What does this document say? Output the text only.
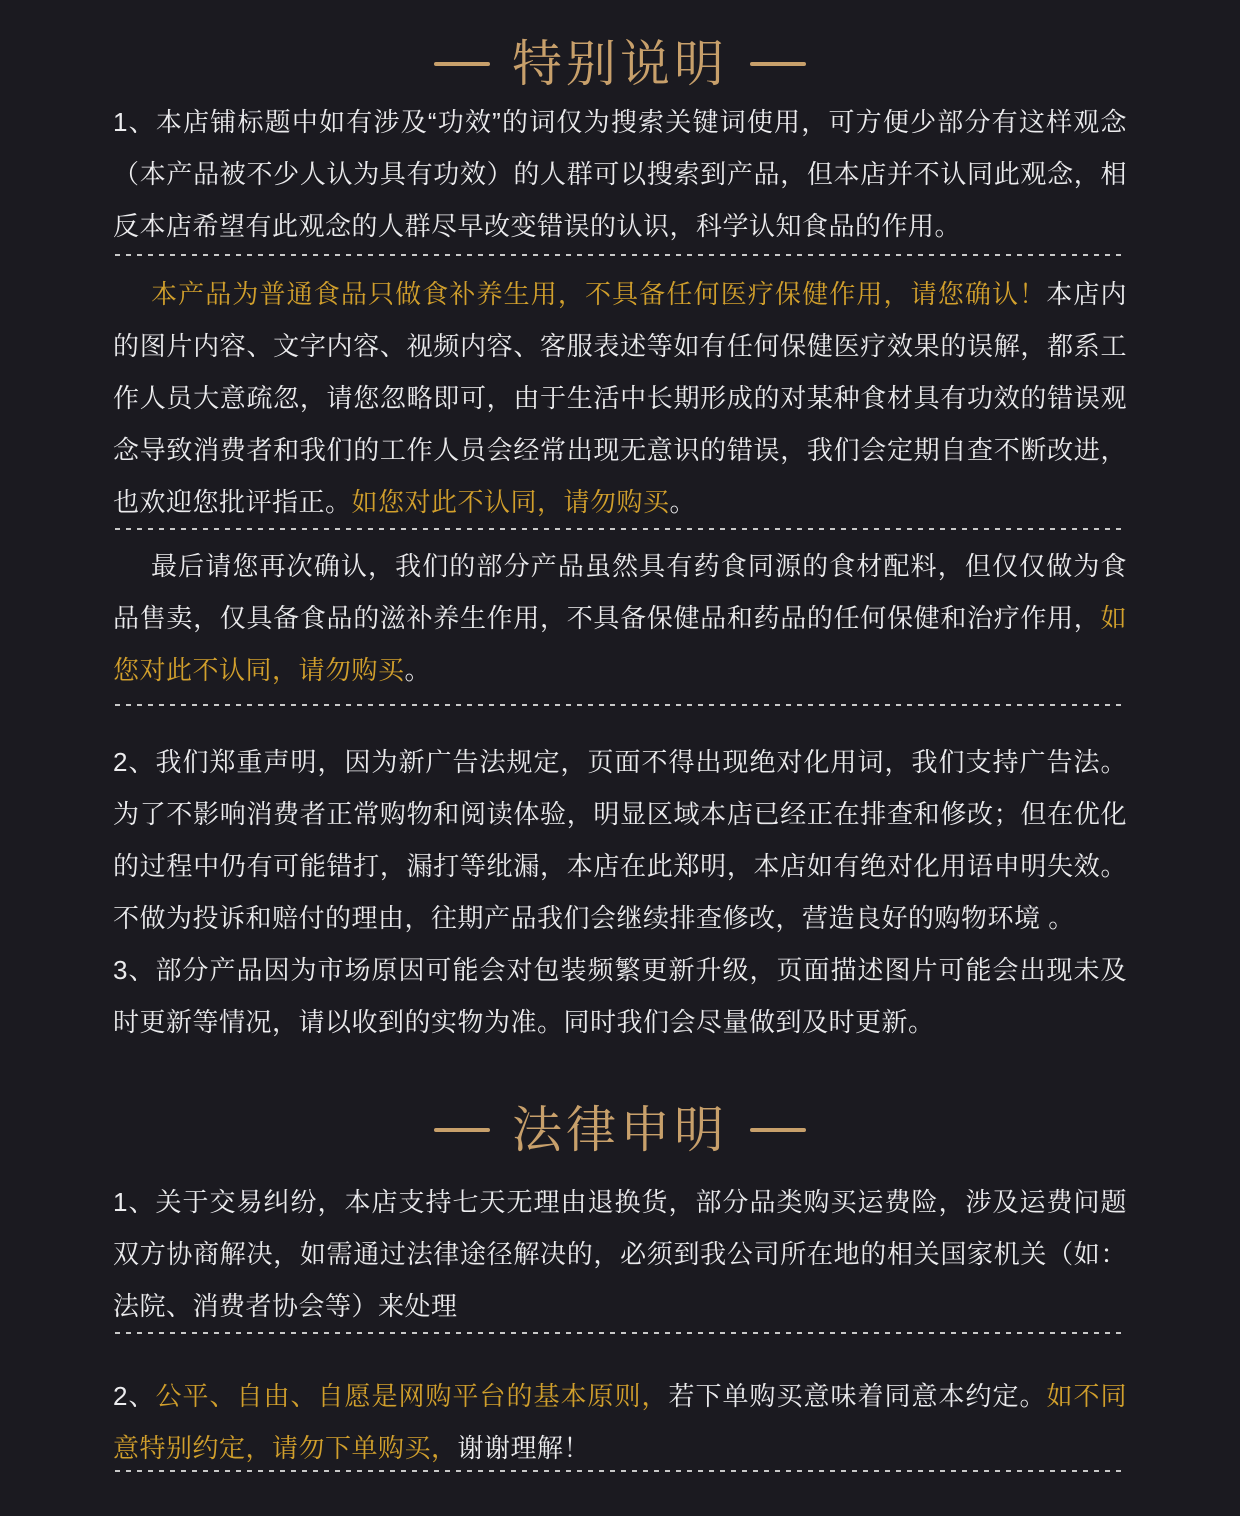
特别说明

1、本店铺标题中如有涉及“功效”的词仅为搜索关键词使用，可方便少部分有这样观念（本产品被不少人认为具有功效）的人群可以搜索到产品，但本店并不认同此观念，相反本店希望有此观念的人群尽早改变错误的认识，科学认知食品的作用。

本产品为普通食品只做食补养生用，不具备任何医疗保健作用，请您确认！本店内的图片内容、文字内容、视频内容、客服表述等如有任何保健医疗效果的误解，都系工作人员大意疏忽，请您忽略即可，由于生活中长期形成的对某种食材具有功效的错误观念导致消费者和我们的工作人员会经常出现无意识的错误，我们会定期自查不断改进，也欢迎您批评指正。如您对此不认同，请勿购买。

最后请您再次确认，我们的部分产品虽然具有药食同源的食材配料，但仅仅做为食品售卖，仅具备食品的滋补养生作用，不具备保健品和药品的任何保健和治疗作用，如您对此不认同，请勿购买。

2、我们郑重声明，因为新广告法规定，页面不得出现绝对化用词，我们支持广告法。为了不影响消费者正常购物和阅读体验，明显区域本店已经正在排查和修改；但在优化的过程中仍有可能错打，漏打等纰漏，本店在此郑明，本店如有绝对化用语申明失效。不做为投诉和赔付的理由，往期产品我们会继续排查修改，营造良好的购物环境 。

3、部分产品因为市场原因可能会对包装频繁更新升级，页面描述图片可能会出现未及时更新等情况，请以收到的实物为准。同时我们会尽量做到及时更新。

法律申明

1、关于交易纠纷，本店支持七天无理由退换货，部分品类购买运费险，涉及运费问题双方协商解决，如需通过法律途径解决的，必须到我公司所在地的相关国家机关（如：法院、消费者协会等）来处理

2、公平、自由、自愿是网购平台的基本原则，若下单购买意味着同意本约定。如不同意特别约定，请勿下单购买，谢谢理解！
